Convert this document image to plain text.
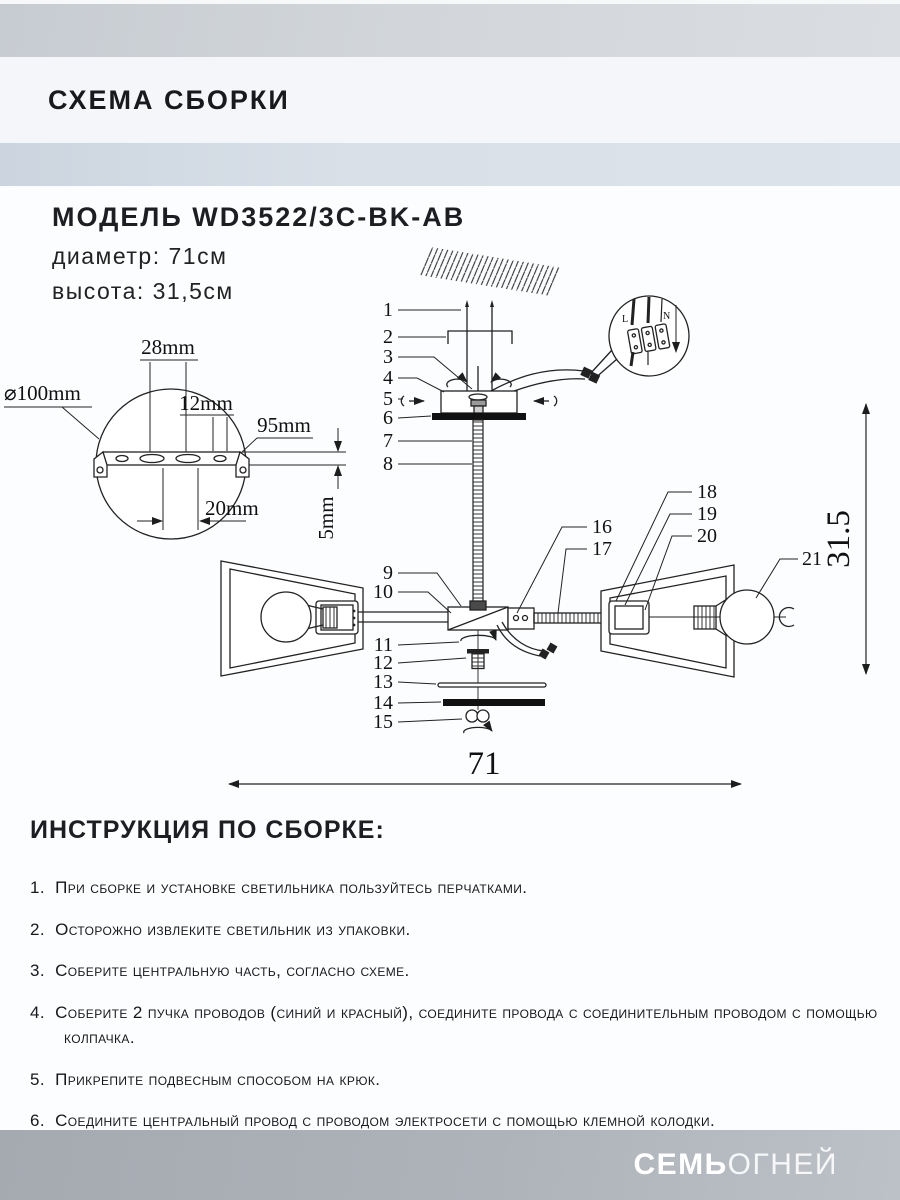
СХЕМА СБОРКИ
МОДЕЛЬ WD3522/3C-BK-AB
диаметр: 71см
высота: 31,5см
L	N
1
2
3
4
5
6
7
8
9
10
11
12
13
14
15
16
17
18
19
20
21 31.5
71
28mm
⌀100mm	12mm
95mm
20mm	5mm
ИНСТРУКЦИЯ ПО СБОРКЕ:
1. При сборке и установке светильника пользуйтесь перчатками.
2. Осторожно извлеките светильник из упаковки.
3. Соберите центральную часть, согласно схеме.
4. Соберите 2 пучка проводов (синий и красный), соедините провода с соединительным проводом с помощью колпачка.
5. Прикрепите подвесным способом на крюк.
6. Соедините центральный провод с проводом электросети с помощью клемной колодки.
СЕМЬОГНЕЙ
